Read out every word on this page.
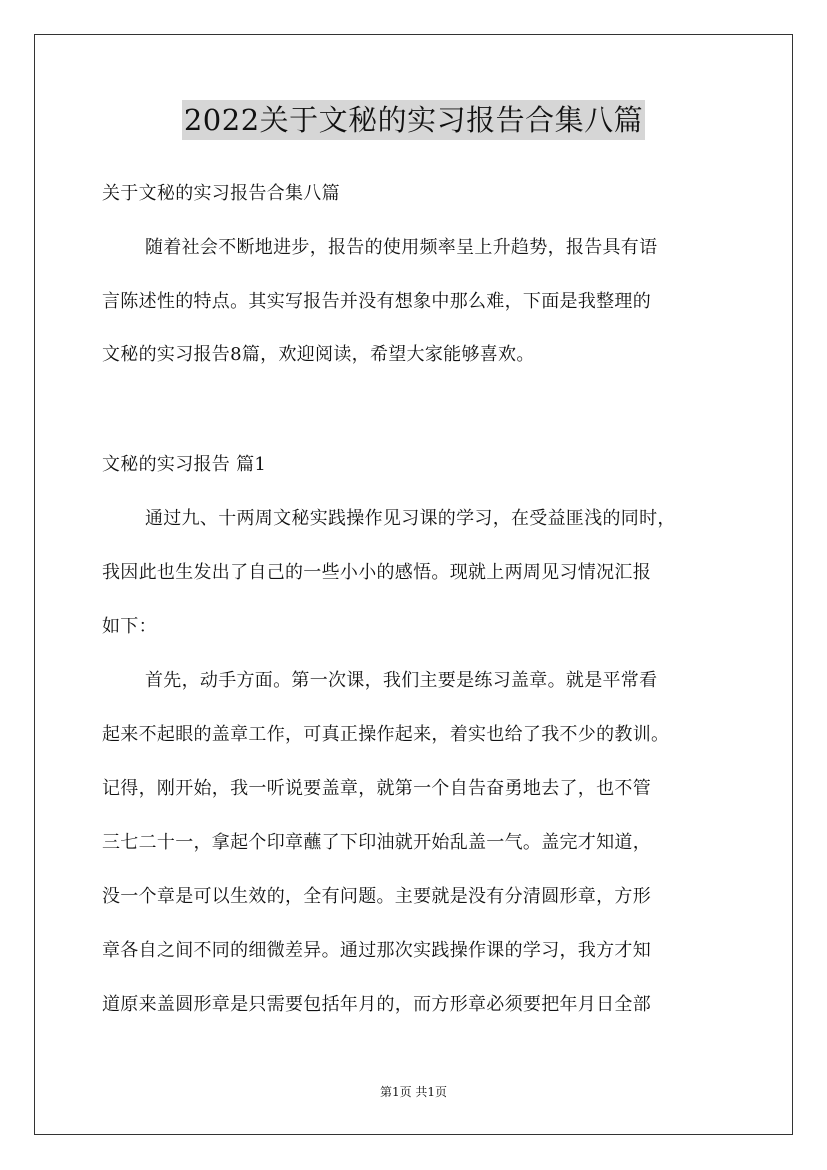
2022关于文秘的实习报告合集八篇
关于文秘的实习报告合集八篇
随着社会不断地进步，报告的使用频率呈上升趋势，报告具有语
言陈述性的特点。其实写报告并没有想象中那么难，下面是我整理的
文秘的实习报告8篇，欢迎阅读，希望大家能够喜欢。
文秘的实习报告 篇1
通过九、十两周文秘实践操作见习课的学习，在受益匪浅的同时，
我因此也生发出了自己的一些小小的感悟。现就上两周见习情况汇报
如下：
首先，动手方面。第一次课，我们主要是练习盖章。就是平常看
起来不起眼的盖章工作，可真正操作起来，着实也给了我不少的教训。
记得，刚开始，我一听说要盖章，就第一个自告奋勇地去了，也不管
三七二十一，拿起个印章蘸了下印油就开始乱盖一气。盖完才知道，
没一个章是可以生效的，全有问题。主要就是没有分清圆形章，方形
章各自之间不同的细微差异。通过那次实践操作课的学习，我方才知
道原来盖圆形章是只需要包括年月的，而方形章必须要把年月日全部
第1页 共1页
